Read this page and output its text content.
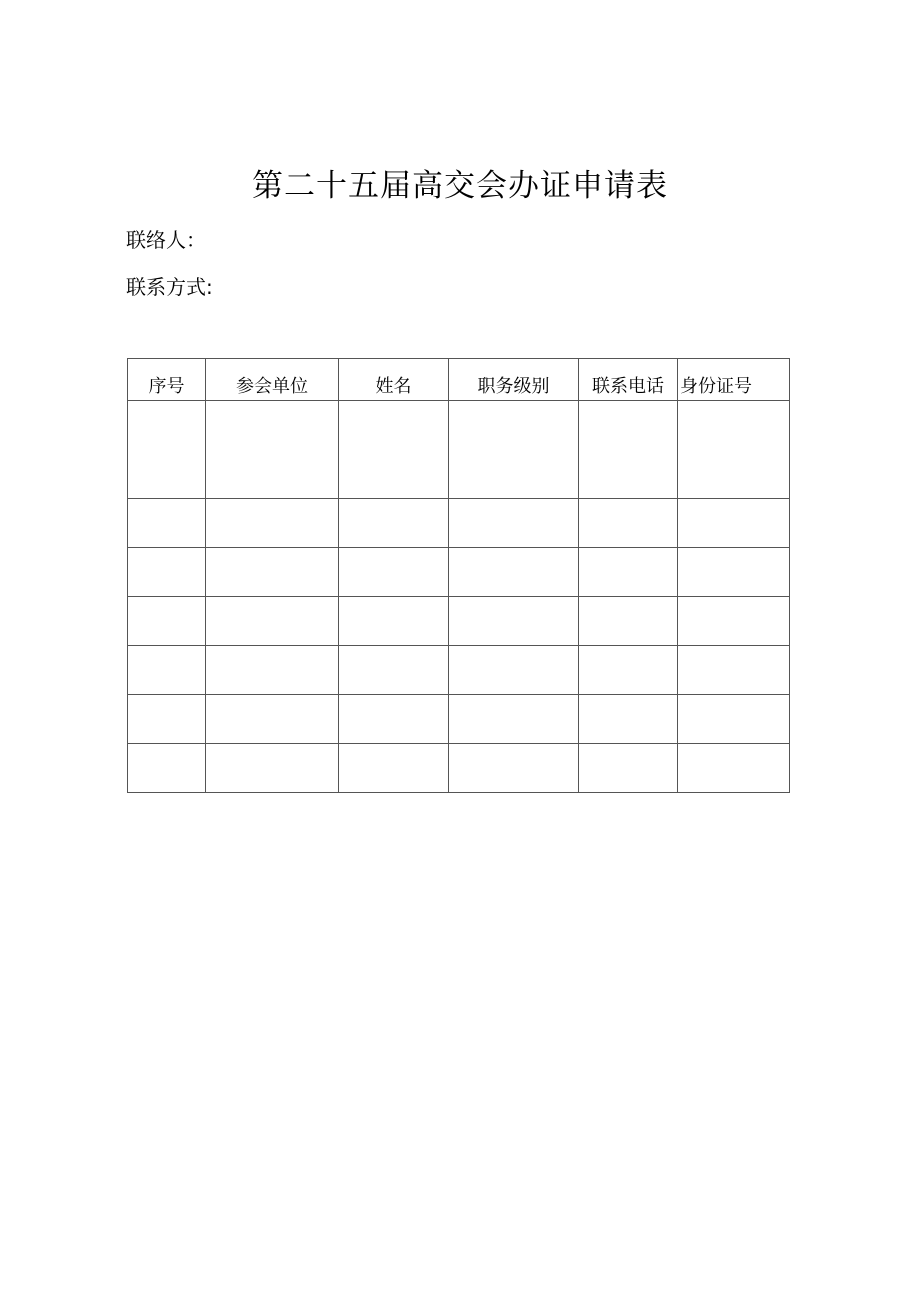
第二十五届高交会办证申请表
联络人：
联系方式:
序号	参会单位	姓名	职务级别	联系电话	身份证号
